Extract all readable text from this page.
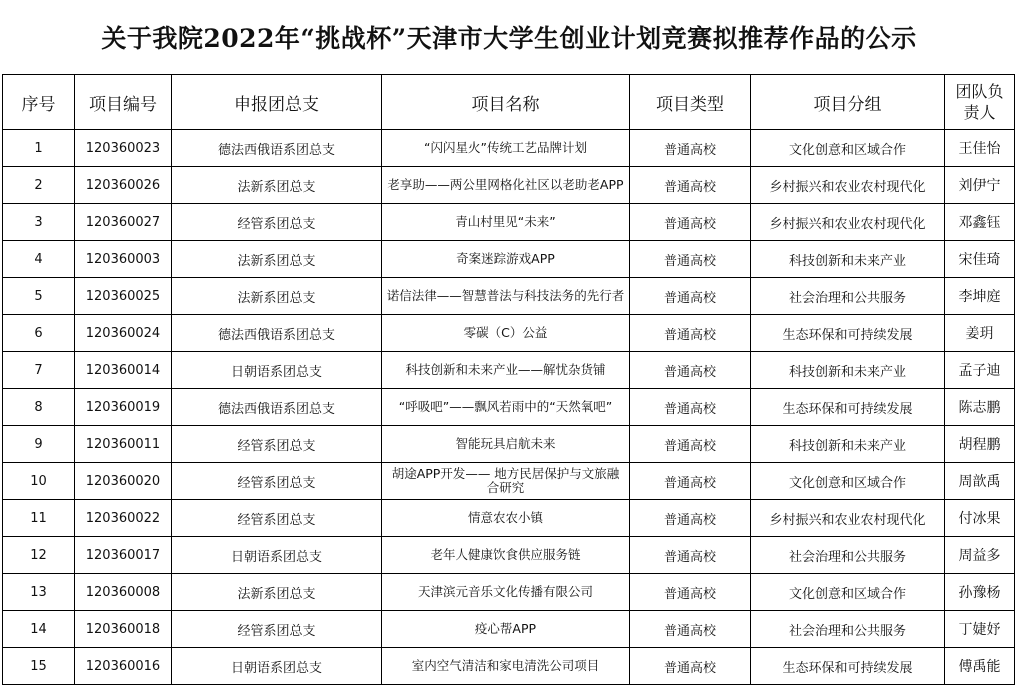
关于我院2022年“挑战杯”天津市大学生创业计划竞赛拟推荐作品的公示
序号	项目编号	申报团总支	项目名称	项目类型	项目分组	团队负责人
1	120360023	德法西俄语系团总支	“闪闪星火”传统工艺品牌计划	普通高校	文化创意和区域合作	王佳怡
2	120360026	法新系团总支	老享助——两公里网格化社区以老助老APP	普通高校	乡村振兴和农业农村现代化	刘伊宁
3	120360027	经管系团总支	青山村里见“未来”	普通高校	乡村振兴和农业农村现代化	邓鑫钰
4	120360003	法新系团总支	奇案迷踪游戏APP	普通高校	科技创新和未来产业	宋佳琦
5	120360025	法新系团总支	诺信法律——智慧普法与科技法务的先行者	普通高校	社会治理和公共服务	李坤庭
6	120360024	德法西俄语系团总支	零碳（C）公益	普通高校	生态环保和可持续发展	姜玥
7	120360014	日朝语系团总支	科技创新和未来产业——解忧杂货铺	普通高校	科技创新和未来产业	孟子迪
8	120360019	德法西俄语系团总支	“呼吸吧”——飘风若雨中的“天然氧吧”	普通高校	生态环保和可持续发展	陈志鹏
9	120360011	经管系团总支	智能玩具启航未来	普通高校	科技创新和未来产业	胡程鹏
10	120360020	经管系团总支	胡途APP开发—— 地方民居保护与文旅融合研究	普通高校	文化创意和区域合作	周歆禹
11	120360022	经管系团总支	情意农农小镇	普通高校	乡村振兴和农业农村现代化	付冰果
12	120360017	日朝语系团总支	老年人健康饮食供应服务链	普通高校	社会治理和公共服务	周益多
13	120360008	法新系团总支	天津滨元音乐文化传播有限公司	普通高校	文化创意和区域合作	孙豫杨
14	120360018	经管系团总支	疫心帮APP	普通高校	社会治理和公共服务	丁婕妤
15	120360016	日朝语系团总支	室内空气清洁和家电清洗公司项目	普通高校	生态环保和可持续发展	傅禹能
